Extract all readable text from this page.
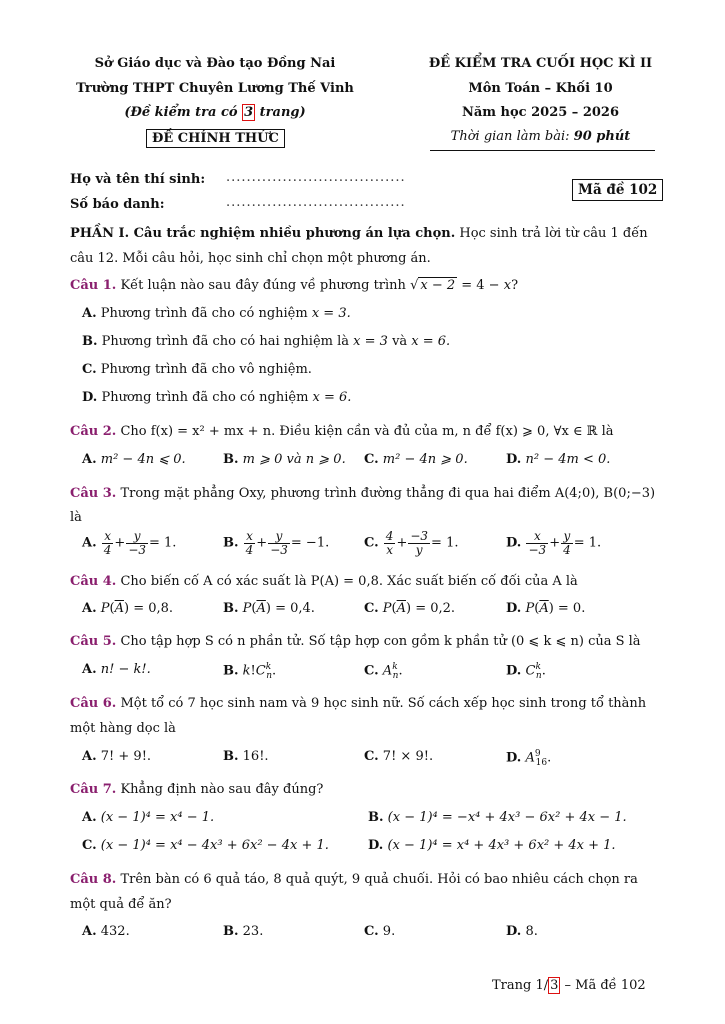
Sở Giáo dục và Đào tạo Đồng Nai
Trường THPT Chuyên Lương Thế Vinh
(Đề kiểm tra có 3 trang)
ĐỀ CHÍNH THỨC
ĐỀ KIỂM TRA CUỐI HỌC KÌ II
Môn Toán – Khối 10
Năm học 2025 – 2026
Thời gian làm bài: 90 phút
Họ và tên thí sinh: ...................................
Số báo danh:	...................................
Mã đề 102
PHẦN I. Câu trắc nghiệm nhiều phương án lựa chọn. Học sinh trả lời từ câu 1 đến
câu 12. Mỗi câu hỏi, học sinh chỉ chọn một phương án.
Câu 1. Kết luận nào sau đây đúng về phương trình √ x − 2 = 4 − x?
A. Phương trình đã cho có nghiệm x = 3.
B. Phương trình đã cho có hai nghiệm là x = 3 và x = 6.
C. Phương trình đã cho vô nghiệm.
D. Phương trình đã cho có nghiệm x = 6.
Câu 2. Cho f(x) = x² + mx + n. Điều kiện cần và đủ của m, n để f(x) ⩾ 0, ∀x ∈ ℝ là
A. m² − 4n ⩽ 0.	B. m ⩾ 0 và n ⩾ 0. C. m² − 4n ⩾ 0.	D. n² − 4m < 0.
Câu 3. Trong mặt phẳng Oxy, phương trình đường thẳng đi qua hai điểm A(4;0), B(0;−3)
là
A. $\frac{x}{4} + \frac{y}{-3} = 1$.	B. $\frac{x}{4} + \frac{y}{-3} = -1$.	C. $\frac{4}{x} + \frac{-3}{y} = 1$.	D. $\frac{x}{-3} + \frac{y}{4} = 1$.
Câu 4. Cho biến cố A có xác suất là P(A) = 0,8. Xác suất biến cố đối của A là
A. $P(\overline{A}) = 0,8$.	B. $P(\overline{A}) = 0,4$.	C. $P(\overline{A}) = 0,2$.	D. $P(\overline{A}) = 0$.
Câu 5. Cho tập hợp S có n phần tử. Số tập hợp con gồm k phần tử (0 ⩽ k ⩽ n) của S là
A. n! − k!.	B. $k!C^k_n$.	C. $A^k_n$.	D. $C^k_n$.
Câu 6. Một tổ có 7 học sinh nam và 9 học sinh nữ. Số cách xếp học sinh trong tổ thành
một hàng dọc là
A. 7! + 9!.	B. 16!.	C. 7! × 9!.	D. $A^9_{16}$.
Câu 7. Khẳng định nào sau đây đúng?
A. (x − 1)⁴ = x⁴ − 1.	B. (x − 1)⁴ = −x⁴ + 4x³ − 6x² + 4x − 1.
C. (x − 1)⁴ = x⁴ − 4x³ + 6x² − 4x + 1.	D. (x − 1)⁴ = x⁴ + 4x³ + 6x² + 4x + 1.
Câu 8. Trên bàn có 6 quả táo, 8 quả quýt, 9 quả chuối. Hỏi có bao nhiêu cách chọn ra
một quả để ăn?
A. 432.	B. 23.	C. 9.	D. 8.
Trang 1/ 3 – Mã đề 102
